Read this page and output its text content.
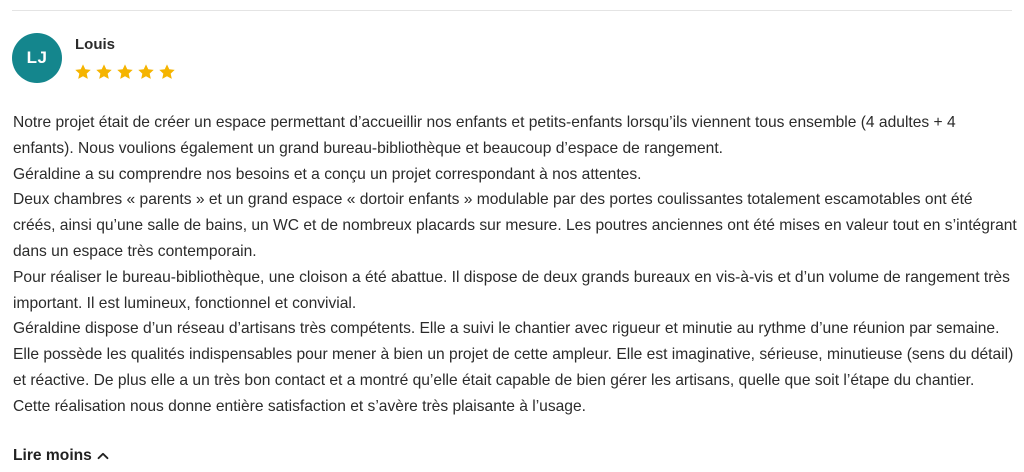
LJ
Louis

Notre projet était de créer un espace permettant d’accueillir nos enfants et petits-enfants lorsqu’ils viennent tous ensemble (4 adultes + 4 enfants). Nous voulions également un grand bureau-bibliothèque et beaucoup d’espace de rangement.

Géraldine a su comprendre nos besoins et a conçu un projet correspondant à nos attentes.

Deux chambres « parents » et un grand espace « dortoir enfants » modulable par des portes coulissantes totalement escamotables ont été créés, ainsi qu’une salle de bains, un WC et de nombreux placards sur mesure. Les poutres anciennes ont été mises en valeur tout en s’intégrant dans un espace très contemporain.

Pour réaliser le bureau-bibliothèque, une cloison a été abattue. Il dispose de deux grands bureaux en vis-à-vis et d’un volume de rangement très important. Il est lumineux, fonctionnel et convivial.

Géraldine dispose d’un réseau d’artisans très compétents. Elle a suivi le chantier avec rigueur et minutie au rythme d’une réunion par semaine. Elle possède les qualités indispensables pour mener à bien un projet de cette ampleur. Elle est imaginative, sérieuse, minutieuse (sens du détail) et réactive. De plus elle a un très bon contact et a montré qu’elle était capable de bien gérer les artisans, quelle que soit l’étape du chantier.

Cette réalisation nous donne entière satisfaction et s’avère très plaisante à l’usage.

Lire moins
